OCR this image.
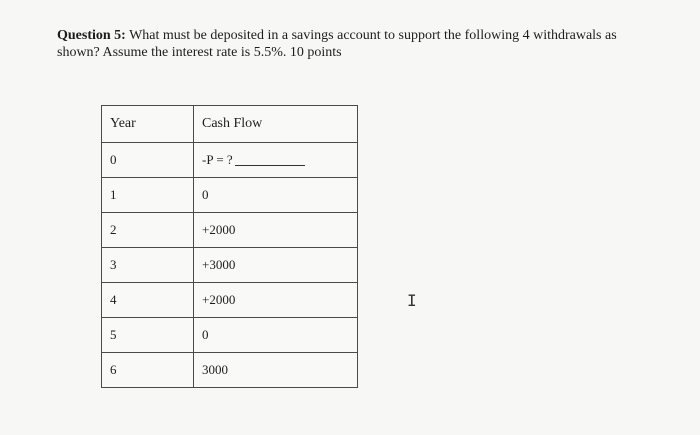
Question 5: What must be deposited in a savings account to support the following 4 withdrawals as shown? Assume the interest rate is 5.5%. 10 points
Year	Cash Flow
0	-P = ?
1	0
2	+2000
3	+3000
4	+2000
5	0
6	3000
I
